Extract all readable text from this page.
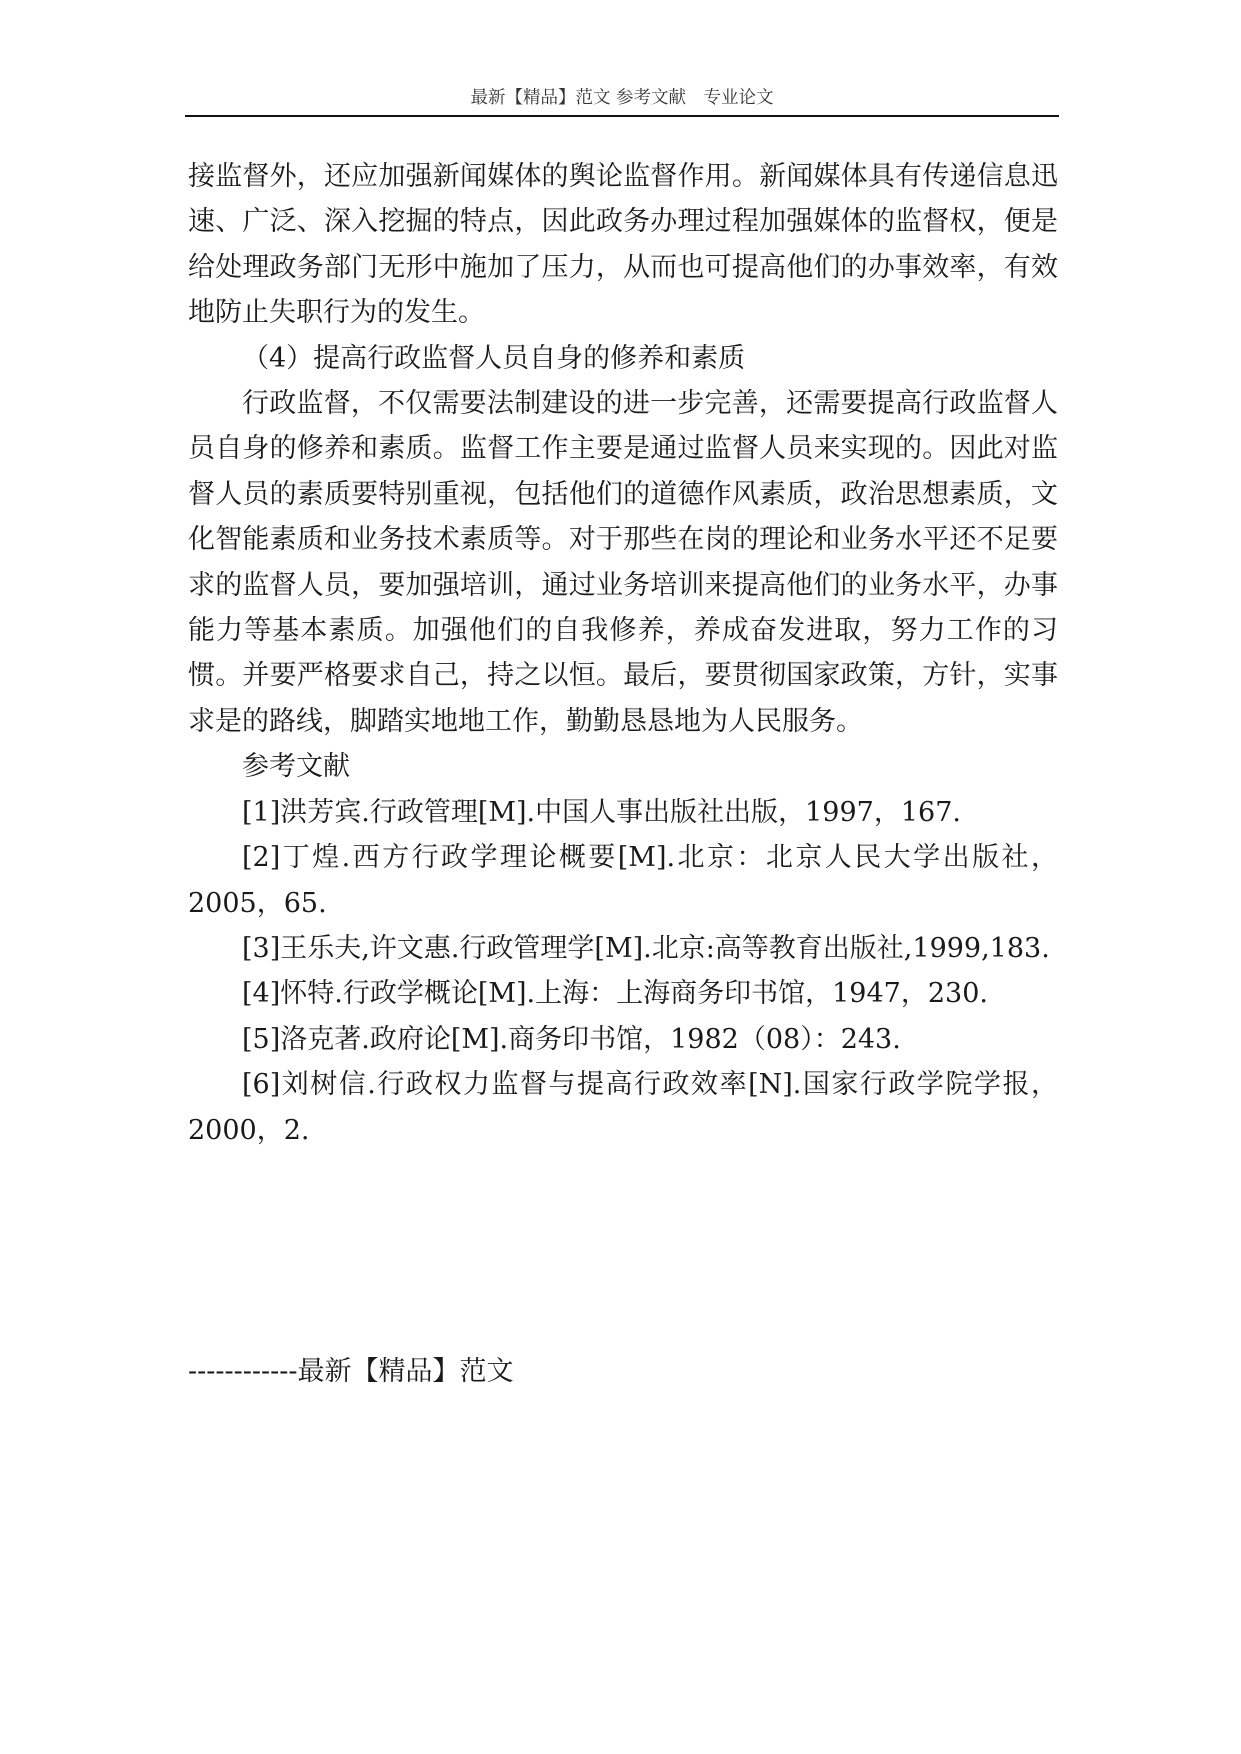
最新【精品】范文 参考文献　专业论文

接监督外，还应加强新闻媒体的舆论监督作用。新闻媒体具有传递信息迅速、广泛、深入挖掘的特点，因此政务办理过程加强媒体的监督权，便是给处理政务部门无形中施加了压力，从而也可提高他们的办事效率，有效地防止失职行为的发生。

（4）提高行政监督人员自身的修养和素质

行政监督，不仅需要法制建设的进一步完善，还需要提高行政监督人员自身的修养和素质。监督工作主要是通过监督人员来实现的。因此对监督人员的素质要特别重视，包括他们的道德作风素质，政治思想素质，文化智能素质和业务技术素质等。对于那些在岗的理论和业务水平还不足要求的监督人员，要加强培训，通过业务培训来提高他们的业务水平，办事能力等基本素质。加强他们的自我修养，养成奋发进取，努力工作的习惯。并要严格要求自己，持之以恒。最后，要贯彻国家政策，方针，实事求是的路线，脚踏实地地工作，勤勤恳恳地为人民服务。

参考文献

[1]洪芳宾.行政管理[M].中国人事出版社出版，1997，167.

[2]丁煌.西方行政学理论概要[M].北京：北京人民大学出版社，2005，65.

[3]王乐夫,许文惠.行政管理学[M].北京:高等教育出版社,1999,183.

[4]怀特.行政学概论[M].上海：上海商务印书馆，1947，230.

[5]洛克著.政府论[M].商务印书馆，1982（08）：243.

[6]刘树信.行政权力监督与提高行政效率[N].国家行政学院学报，2000，2.

------------最新【精品】范文
